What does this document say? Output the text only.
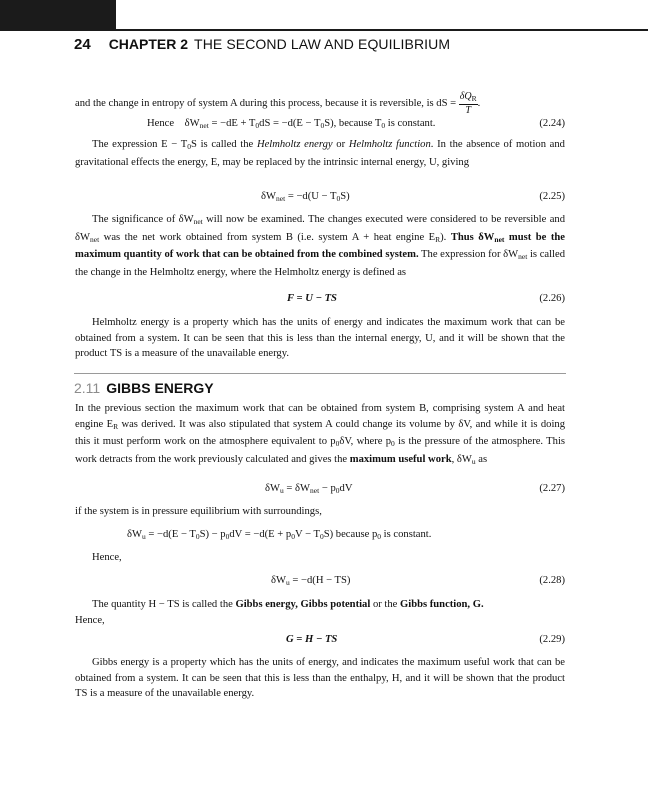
24 CHAPTER 2 THE SECOND LAW AND EQUILIBRIUM

and the change in entropy of system A during this process, because it is reversible, is dS = $\frac{\delta Q_R}{T}$ .

Hence $\delta W_{net} = -dE + T_0dS = -d(E - T_0S)$, because $T_0$ is constant.	(2.24)

The expression $E - T_0S$ is called the Helmholtz energy or Helmholtz function. In the absence of motion and gravitational effects the energy, E, may be replaced by the intrinsic internal energy, U, giving

$\delta W_{net} = -d(U - T_0S)$	(2.25)

The significance of $\delta W_{net}$ will now be examined. The changes executed were considered to be reversible and $\delta W_{net}$ was the net work obtained from system B (i.e. system A + heat engine $E_R$). Thus $\delta W_{net}$ must be the maximum quantity of work that can be obtained from the combined system. The expression for $\delta W_{net}$ is called the change in the Helmholtz energy, where the Helmholtz energy is defined as

F = U − TS	(2.26)

Helmholtz energy is a property which has the units of energy and indicates the maximum work that can be obtained from a system. It can be seen that this is less than the internal energy, U, and it will be shown that the product TS is a measure of the unavailable energy.

2.11 GIBBS ENERGY

In the previous section the maximum work that can be obtained from system B, comprising system A and heat engine $E_R$ was derived. It was also stipulated that system A could change its volume by δV, and while it is doing this it must perform work on the atmosphere equivalent to $p_0\delta V$, where $p_0$ is the pressure of the atmosphere. This work detracts from the work previously calculated and gives the maximum useful work, $\delta W_u$ as

$\delta W_u = \delta W_{net} - p_0dV$	(2.27)

if the system is in pressure equilibrium with surroundings,

$\delta W_u = -d(E - T_0S) - p_0dV = -d(E + p_0V - T_0S)$ because $p_0$ is constant.

Hence,

$\delta W_u = -d(H - TS)$	(2.28)

The quantity H − TS is called the Gibbs energy, Gibbs potential or the Gibbs function, G.
Hence,

G = H − TS	(2.29)

Gibbs energy is a property which has the units of energy, and indicates the maximum useful work that can be obtained from a system. It can be seen that this is less than the enthalpy, H, and it will be shown that the product TS is a measure of the unavailable energy.
